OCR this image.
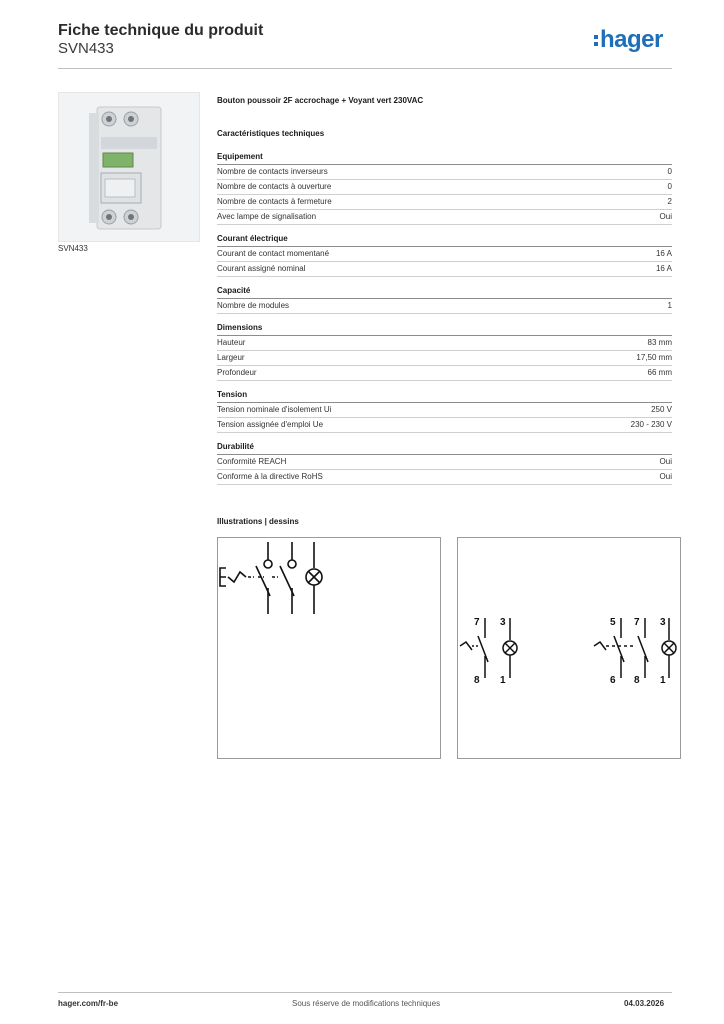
Fiche technique du produit
SVN433	hager
SVN433
Bouton poussoir 2F accrochage + Voyant vert 230VAC
Caractéristiques techniques
Equipement
Nombre de contacts inverseurs	0
Nombre de contacts à ouverture	0
Nombre de contacts à fermeture	2
Avec lampe de signalisation	Oui
Courant électrique
Courant de contact momentané	16 A
Courant assigné nominal	16 A
Capacité
Nombre de modules	1
Dimensions
Hauteur	83 mm
Largeur	17,50 mm
Profondeur	66 mm
Tension
Tension nominale d'isolement Ui	250 V
Tension assignée d'emploi Ue	230 - 230 V
Durabilité
Conformité REACH	Oui
Conforme à la directive RoHS	Oui
Illustrations | dessins
7 3
8 1
5 7 3
6 8 1
hager.com/fr-be	Sous réserve de modifications techniques	04.03.2026
